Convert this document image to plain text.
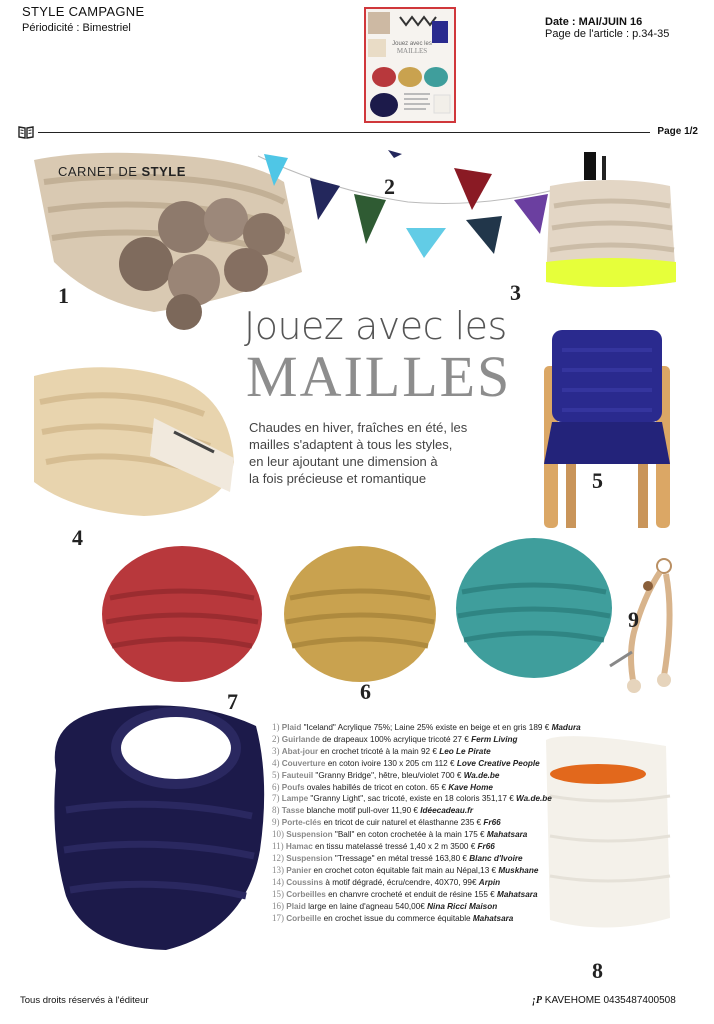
STYLE CAMPAGNE
Périodicité : Bimestriel
Jouez avec les
MAILLES
Date : MAI/JUIN 16
Page de l'article : p.34-35
Page 1/2
CARNET DE STYLE
Jouez avec les
MAILLES
Chaudes en hiver, fraîches en été, les
mailles s'adaptent à tous les styles,
en leur ajoutant une dimension à
la fois précieuse et romantique
1
2
3
4
5
6
7
8
9
1) Plaid "Iceland" Acrylique 75%; Laine 25% existe en beige et en gris 189 € Madura
2) Guirlande de drapeaux 100% acrylique tricoté 27 € Ferm Living
3) Abat-jour en crochet tricoté à la main 92 € Leo Le Pirate
4) Couverture en coton ivoire 130 x 205 cm 112 € Love Creative People
5) Fauteuil "Granny Bridge", hêtre, bleu/violet 700 € Wa.de.be
6) Poufs ovales habillés de tricot en coton. 65 € Kave Home
7) Lampe "Granny Light", sac tricoté, existe en 18 coloris 351,17 € Wa.de.be
8) Tasse blanche motif pull-over 11,90 € Idéecadeau.fr
9) Porte-clés en tricot de cuir naturel et élasthanne 235 € Fr66
10) Suspension "Ball" en coton crochetée à la main 175 € Mahatsara
11) Hamac en tissu matelassé tressé 1,40 x 2 m 3500 € Fr66
12) Suspension "Tressage" en métal tressé 163,80 € Blanc d'Ivoire
13) Panier en crochet coton équitable fait main au Népal,13 € Muskhane
14) Coussins à motif dégradé, écru/cendre, 40X70, 99€ Arpin
15) Corbeilles en chanvre crocheté et enduit de résine 155 € Mahatsara
16) Plaid large en laine d'agneau 540,00€ Nina Ricci Maison
17) Corbeille en crochet issue du commerce équitable Mahatsara
Tous droits réservés à l'éditeur	¡P KAVEHOME 0435487400508
